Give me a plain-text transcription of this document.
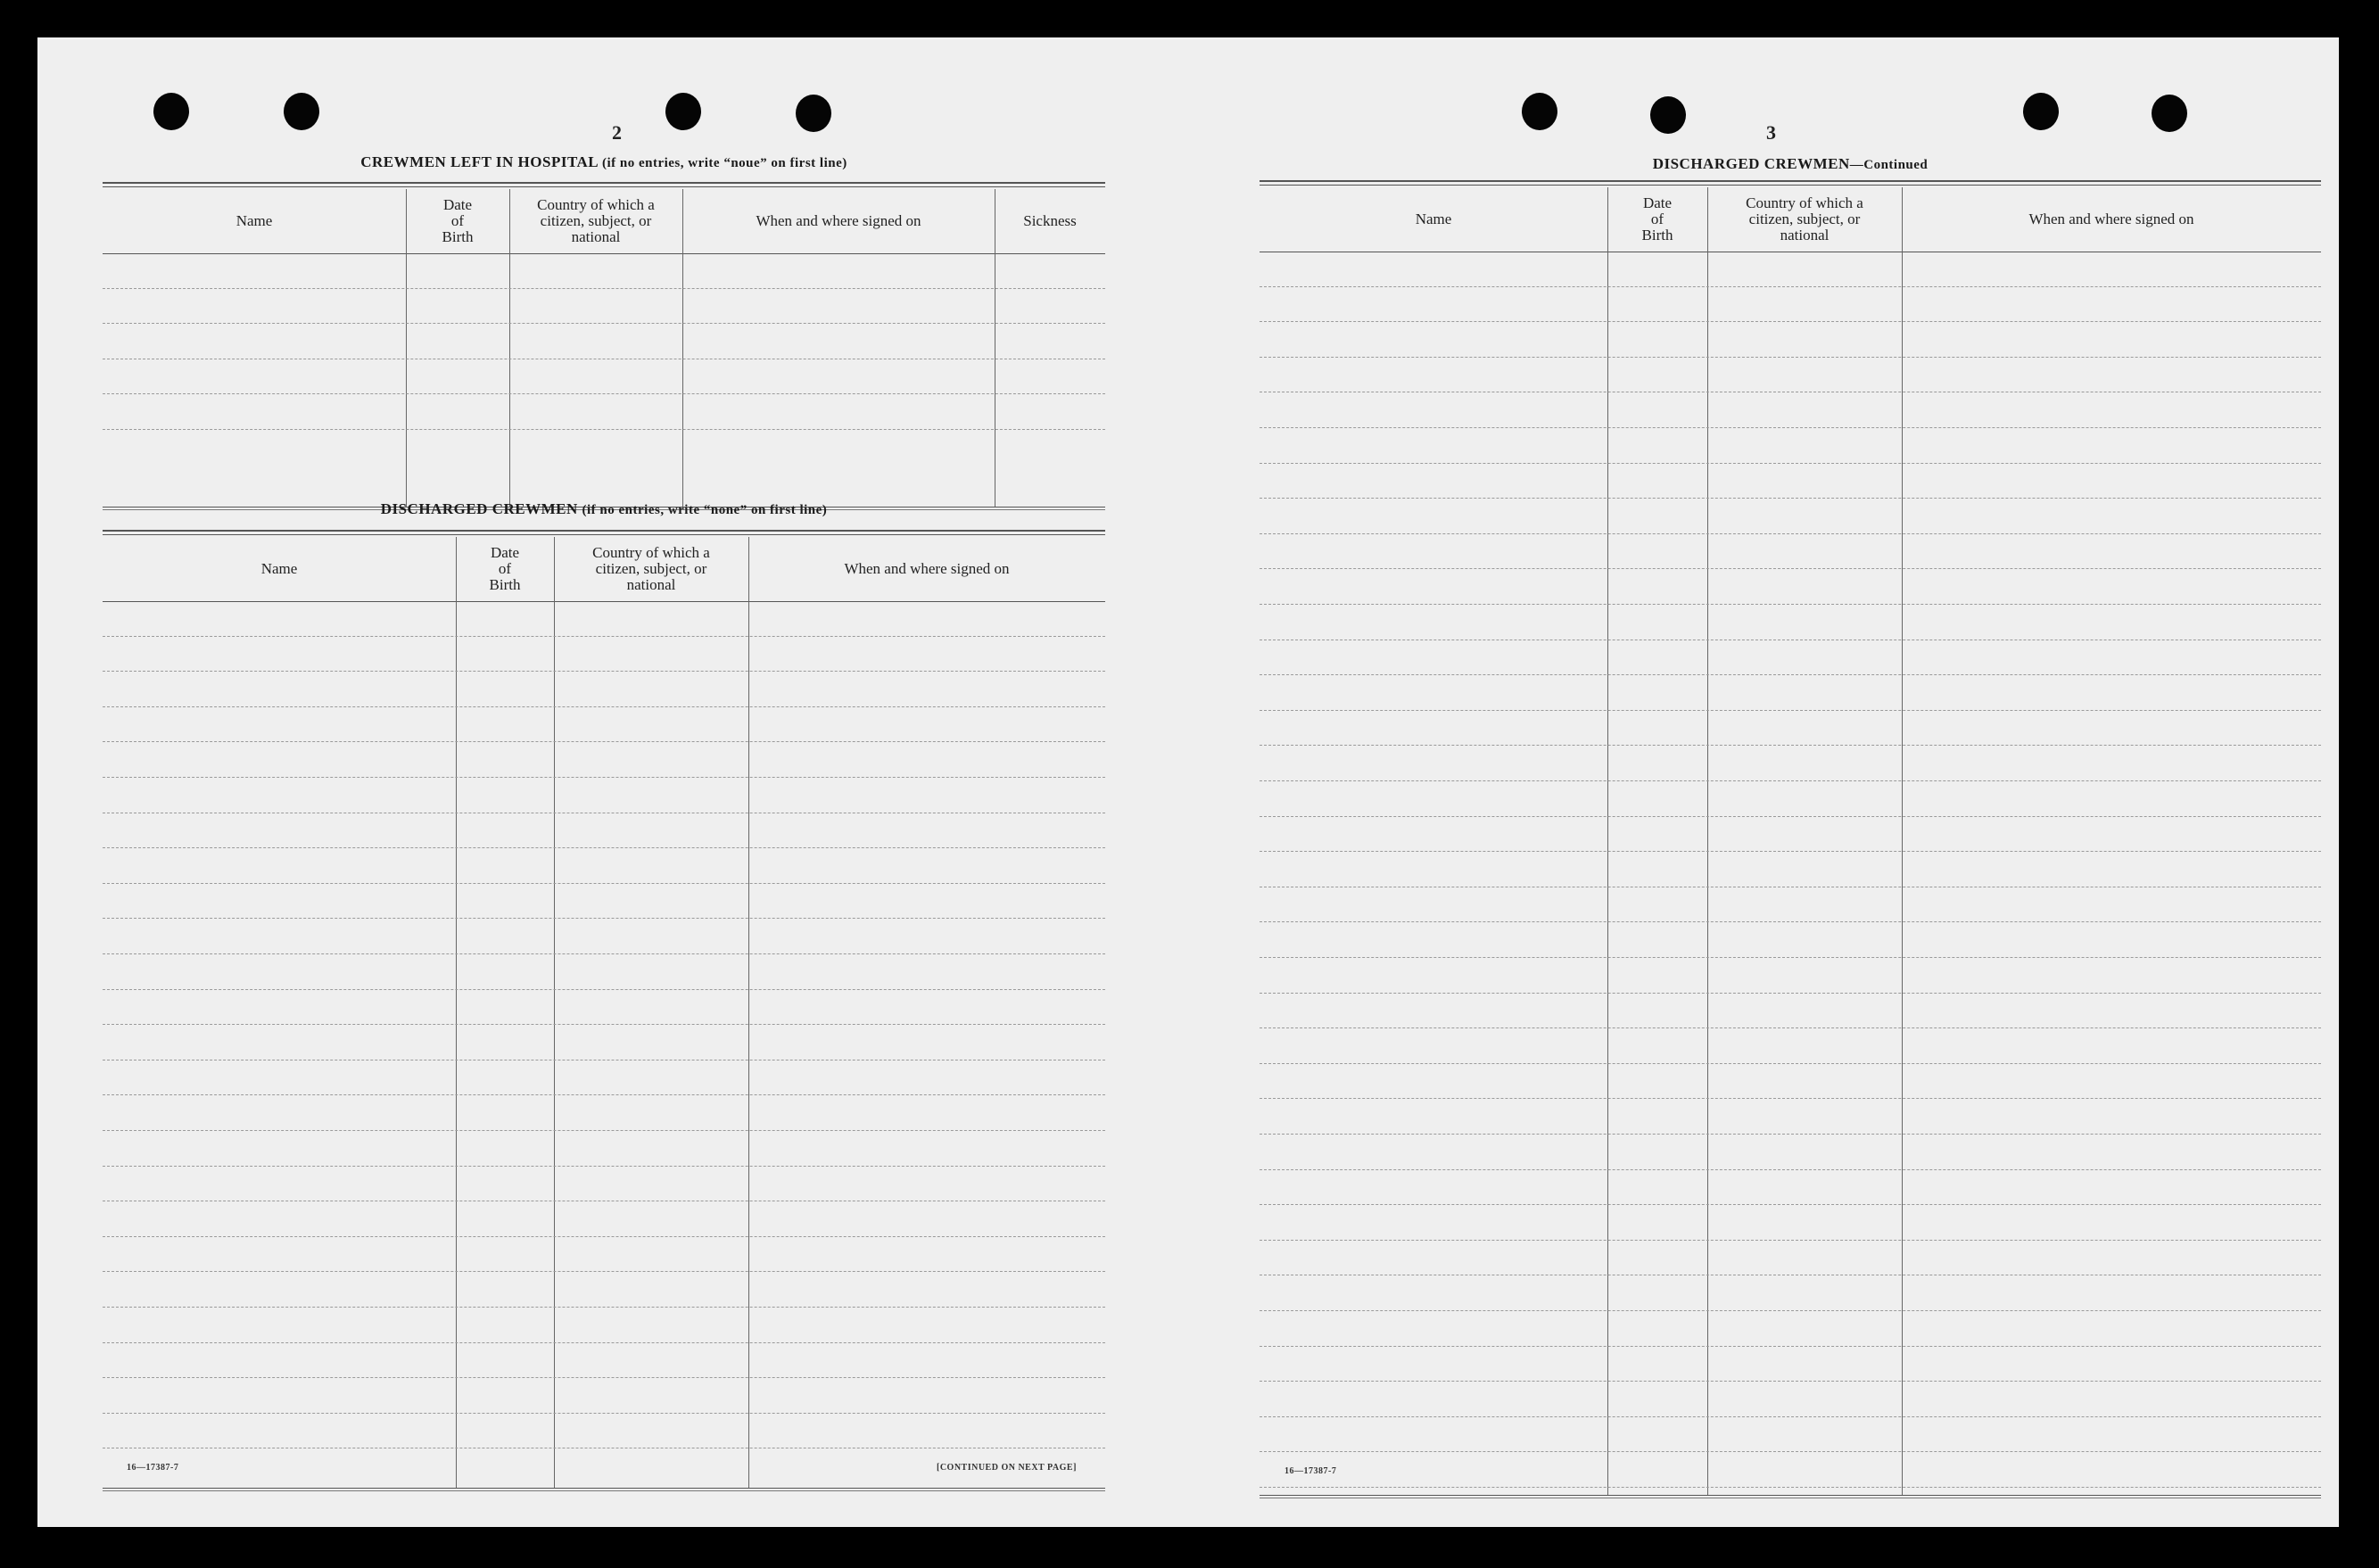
2
CREWMEN LEFT IN HOSPITAL (if no entries, write “noue” on first line)
Name
Date
of
Birth
Country of which a
citizen, subject, or
national
When and where signed on	Sickness
DISCHARGED CREWMEN (if no entries, write “none” on first line)
Name
Date
of
Birth
Country of which a
citizen, subject, or
national
When and where signed on
16—17387-7	[CONTINUED ON NEXT PAGE]
3
DISCHARGED CREWMEN—Continued
Name
Date
of
Birth
Country of which a
citizen, subject, or
national
When and where signed on
16—17387-7
